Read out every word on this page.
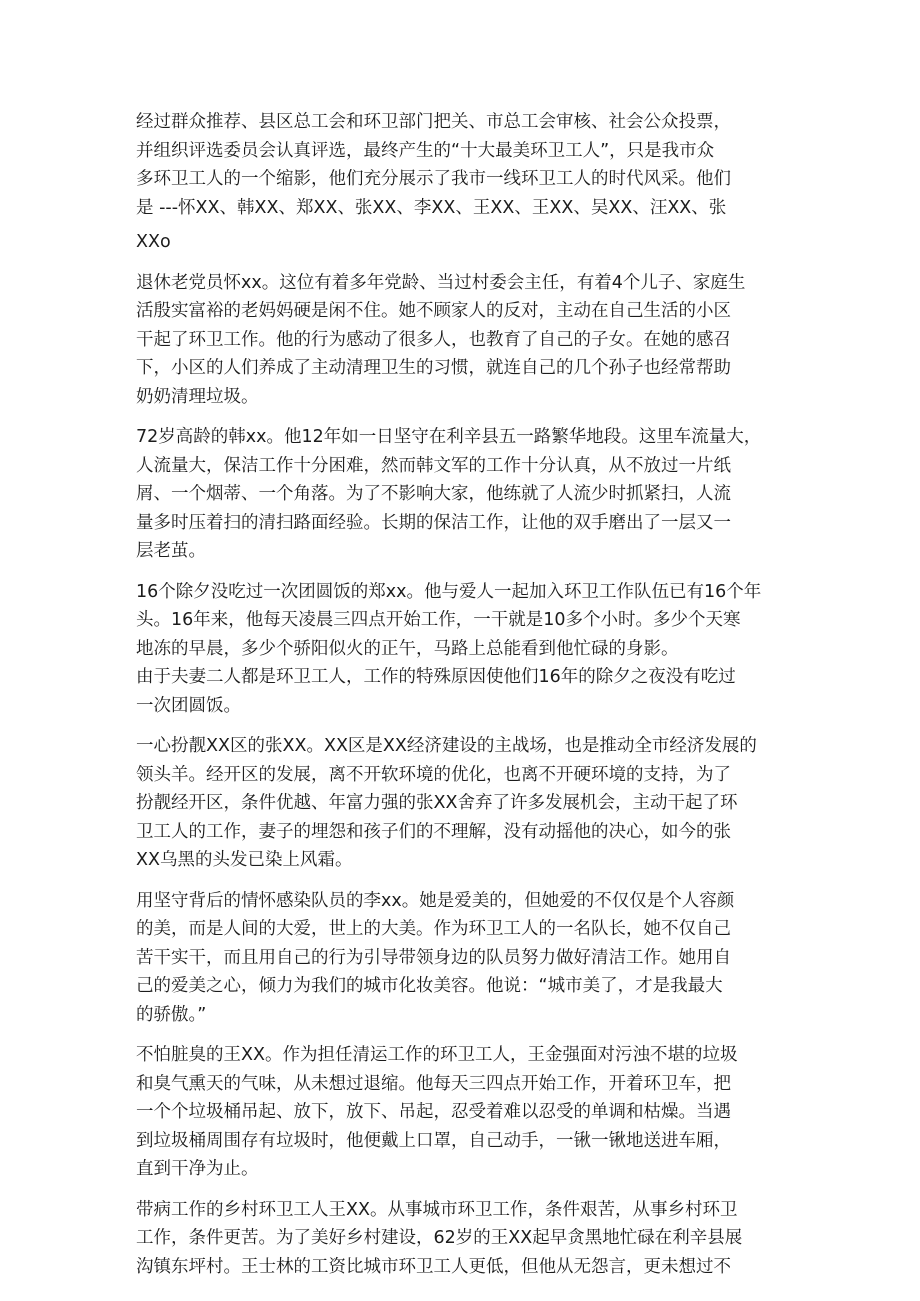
经过群众推荐、县区总工会和环卫部门把关、市总工会审核、社会公众投票，
并组织评选委员会认真评选，最终产生的“十大最美环卫工人”，只是我市众
多环卫工人的一个缩影，他们充分展示了我市一线环卫工人的时代风采。他们
是 ---怀XX、韩XX、郑XX、张XX、李XX、王XX、王XX、吴XX、汪XX、张

XXo

退休老党员怀xx。这位有着多年党龄、当过村委会主任，有着4个儿子、家庭生
活殷实富裕的老妈妈硬是闲不住。她不顾家人的反对，主动在自己生活的小区
干起了环卫工作。他的行为感动了很多人，也教育了自己的子女。在她的感召
下，小区的人们养成了主动清理卫生的习惯，就连自己的几个孙子也经常帮助
奶奶清理垃圾。

72岁高龄的韩xx。他12年如一日坚守在利辛县五一路繁华地段。这里车流量大，
人流量大，保洁工作十分困难，然而韩文军的工作十分认真，从不放过一片纸
屑、一个烟蒂、一个角落。为了不影响大家，他练就了人流少时抓紧扫，人流
量多时压着扫的清扫路面经验。长期的保洁工作，让他的双手磨出了一层又一
层老茧。

16个除夕没吃过一次团圆饭的郑xx。他与爱人一起加入环卫工作队伍已有16个年
头。16年来，他每天凌晨三四点开始工作，一干就是10多个小时。多少个天寒
地冻的早晨，多少个骄阳似火的正午，马路上总能看到他忙碌的身影。
由于夫妻二人都是环卫工人，工作的特殊原因使他们16年的除夕之夜没有吃过
一次团圆饭。

一心扮靓XX区的张XX。XX区是XX经济建设的主战场，也是推动全市经济发展的
领头羊。经开区的发展，离不开软环境的优化，也离不开硬环境的支持，为了
扮靓经开区，条件优越、年富力强的张XX舍弃了许多发展机会，主动干起了环
卫工人的工作，妻子的埋怨和孩子们的不理解，没有动摇他的决心，如今的张
XX乌黑的头发已染上风霜。

用坚守背后的情怀感染队员的李xx。她是爱美的，但她爱的不仅仅是个人容颜
的美，而是人间的大爱，世上的大美。作为环卫工人的一名队长，她不仅自己
苦干实干，而且用自己的行为引导带领身边的队员努力做好清洁工作。她用自
己的爱美之心，倾力为我们的城市化妆美容。他说：“城市美了，才是我最大
的骄傲。”

不怕脏臭的王XX。作为担任清运工作的环卫工人，王金强面对污浊不堪的垃圾
和臭气熏天的气味，从未想过退缩。他每天三四点开始工作，开着环卫车，把
一个个垃圾桶吊起、放下，放下、吊起，忍受着难以忍受的单调和枯燥。当遇
到垃圾桶周围存有垃圾时，他便戴上口罩，自己动手，一锹一锹地送进车厢，
直到干净为止。

带病工作的乡村环卫工人王XX。从事城市环卫工作，条件艰苦，从事乡村环卫
工作，条件更苦。为了美好乡村建设，62岁的王XX起早贪黑地忙碌在利辛县展
沟镇东坪村。王士林的工资比城市环卫工人更低，但他从无怨言，更未想过不
